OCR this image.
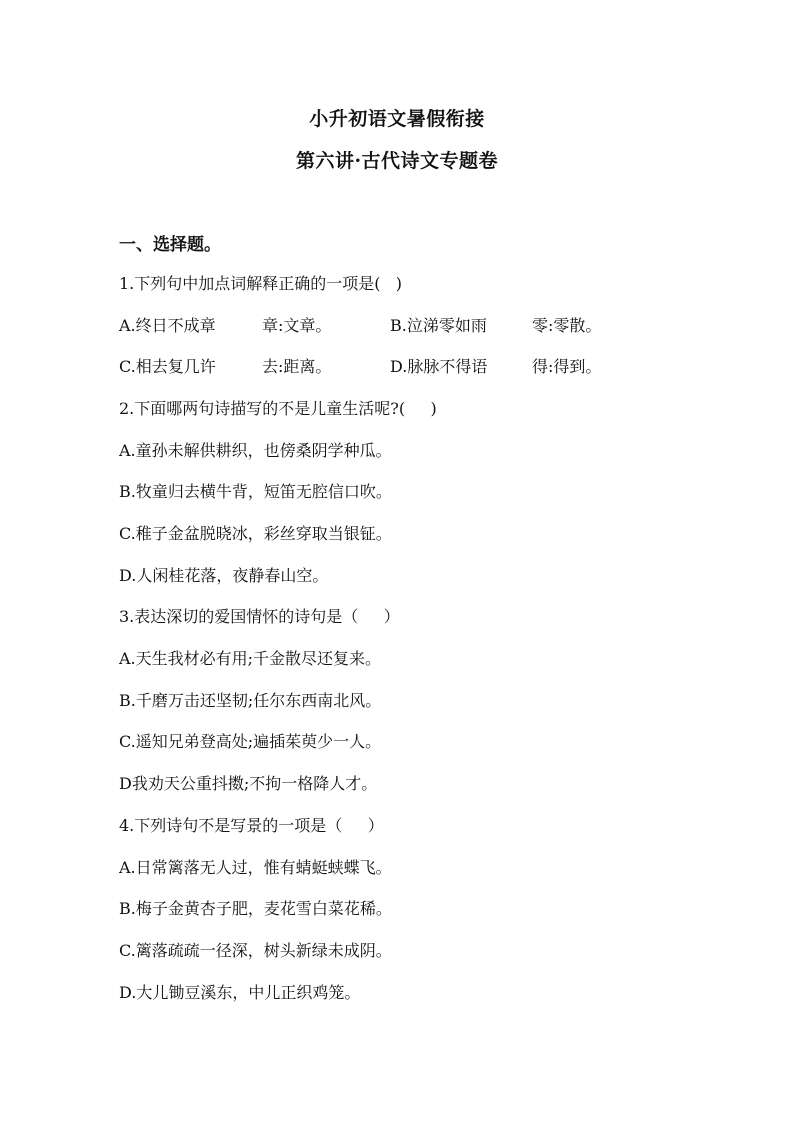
小升初语文暑假衔接
第六讲·古代诗文专题卷
一、选择题。
1.下列句中加点词解释正确的一项是(   )
A.终日不成章	章:文章。	B.泣涕零如雨	零:零散。
C.相去复几许	去:距离。	D.脉脉不得语	得:得到。
2.下面哪两句诗描写的不是儿童生活呢?(     )
A.童孙未解供耕织，也傍桑阴学种瓜。
B.牧童归去横牛背，短笛无腔信口吹。
C.稚子金盆脱晓冰，彩丝穿取当银钲。
D.人闲桂花落，夜静春山空。
3.表达深切的爱国情怀的诗句是（     ）
A.天生我材必有用;千金散尽还复来。
B.千磨万击还坚韧;任尔东西南北风。
C.遥知兄弟登高处;遍插茱萸少一人。
D我劝天公重抖擞;不拘一格降人才。
4.下列诗句不是写景的一项是（     ）
A.日常篱落无人过，惟有蜻蜓蛱蝶飞。
B.梅子金黄杏子肥，麦花雪白菜花稀。
C.篱落疏疏一径深，树头新绿未成阴。
D.大儿锄豆溪东，中儿正织鸡笼。
